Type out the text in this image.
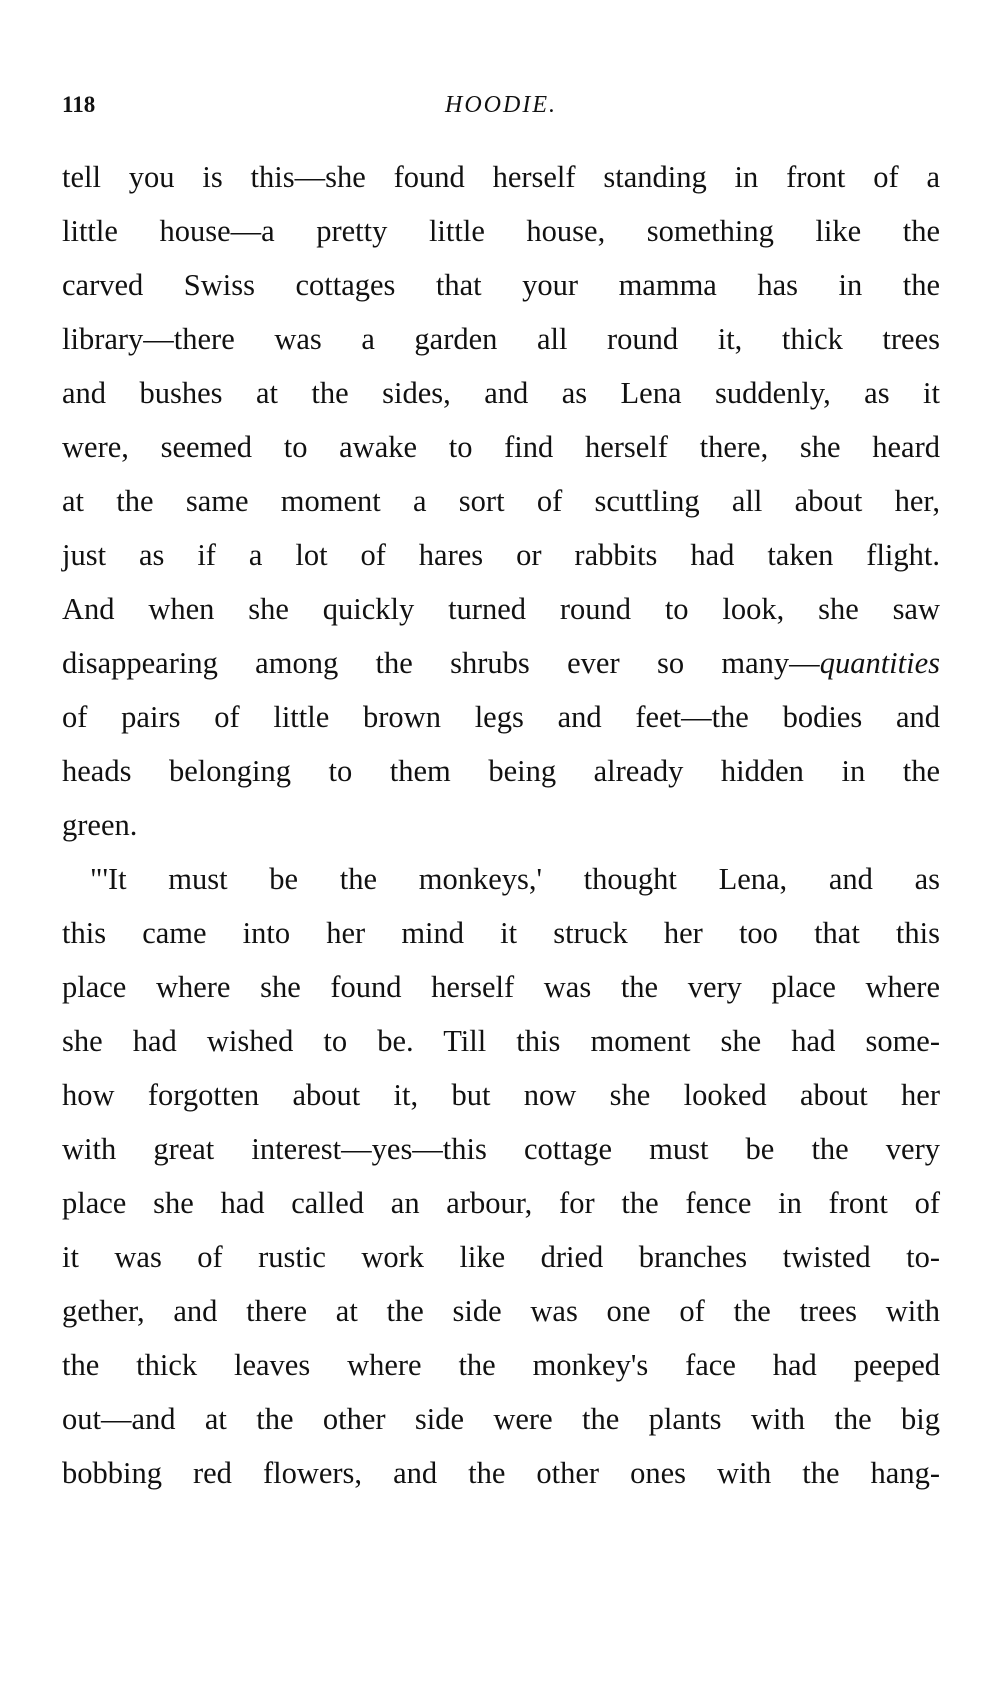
118	HOODIE.
tell you is this—she found herself standing in front of a
little house—a pretty little house, something like the
carved Swiss cottages that your mamma has in the
library—there was a garden all round it, thick trees
and bushes at the sides, and as Lena suddenly, as it
were, seemed to awake to find herself there, she heard
at the same moment a sort of scuttling all about her,
just as if a lot of hares or rabbits had taken flight.
And when she quickly turned round to look, she saw
disappearing among the shrubs ever so many—quantities
of pairs of little brown legs and feet—the bodies and
heads belonging to them being already hidden in the
green.
"'It must be the monkeys,' thought Lena, and as
this came into her mind it struck her too that this
place where she found herself was the very place where
she had wished to be. Till this moment she had some-
how forgotten about it, but now she looked about her
with great interest—yes—this cottage must be the very
place she had called an arbour, for the fence in front of
it was of rustic work like dried branches twisted to-
gether, and there at the side was one of the trees with
the thick leaves where the monkey's face had peeped
out—and at the other side were the plants with the big
bobbing red flowers, and the other ones with the hang-
